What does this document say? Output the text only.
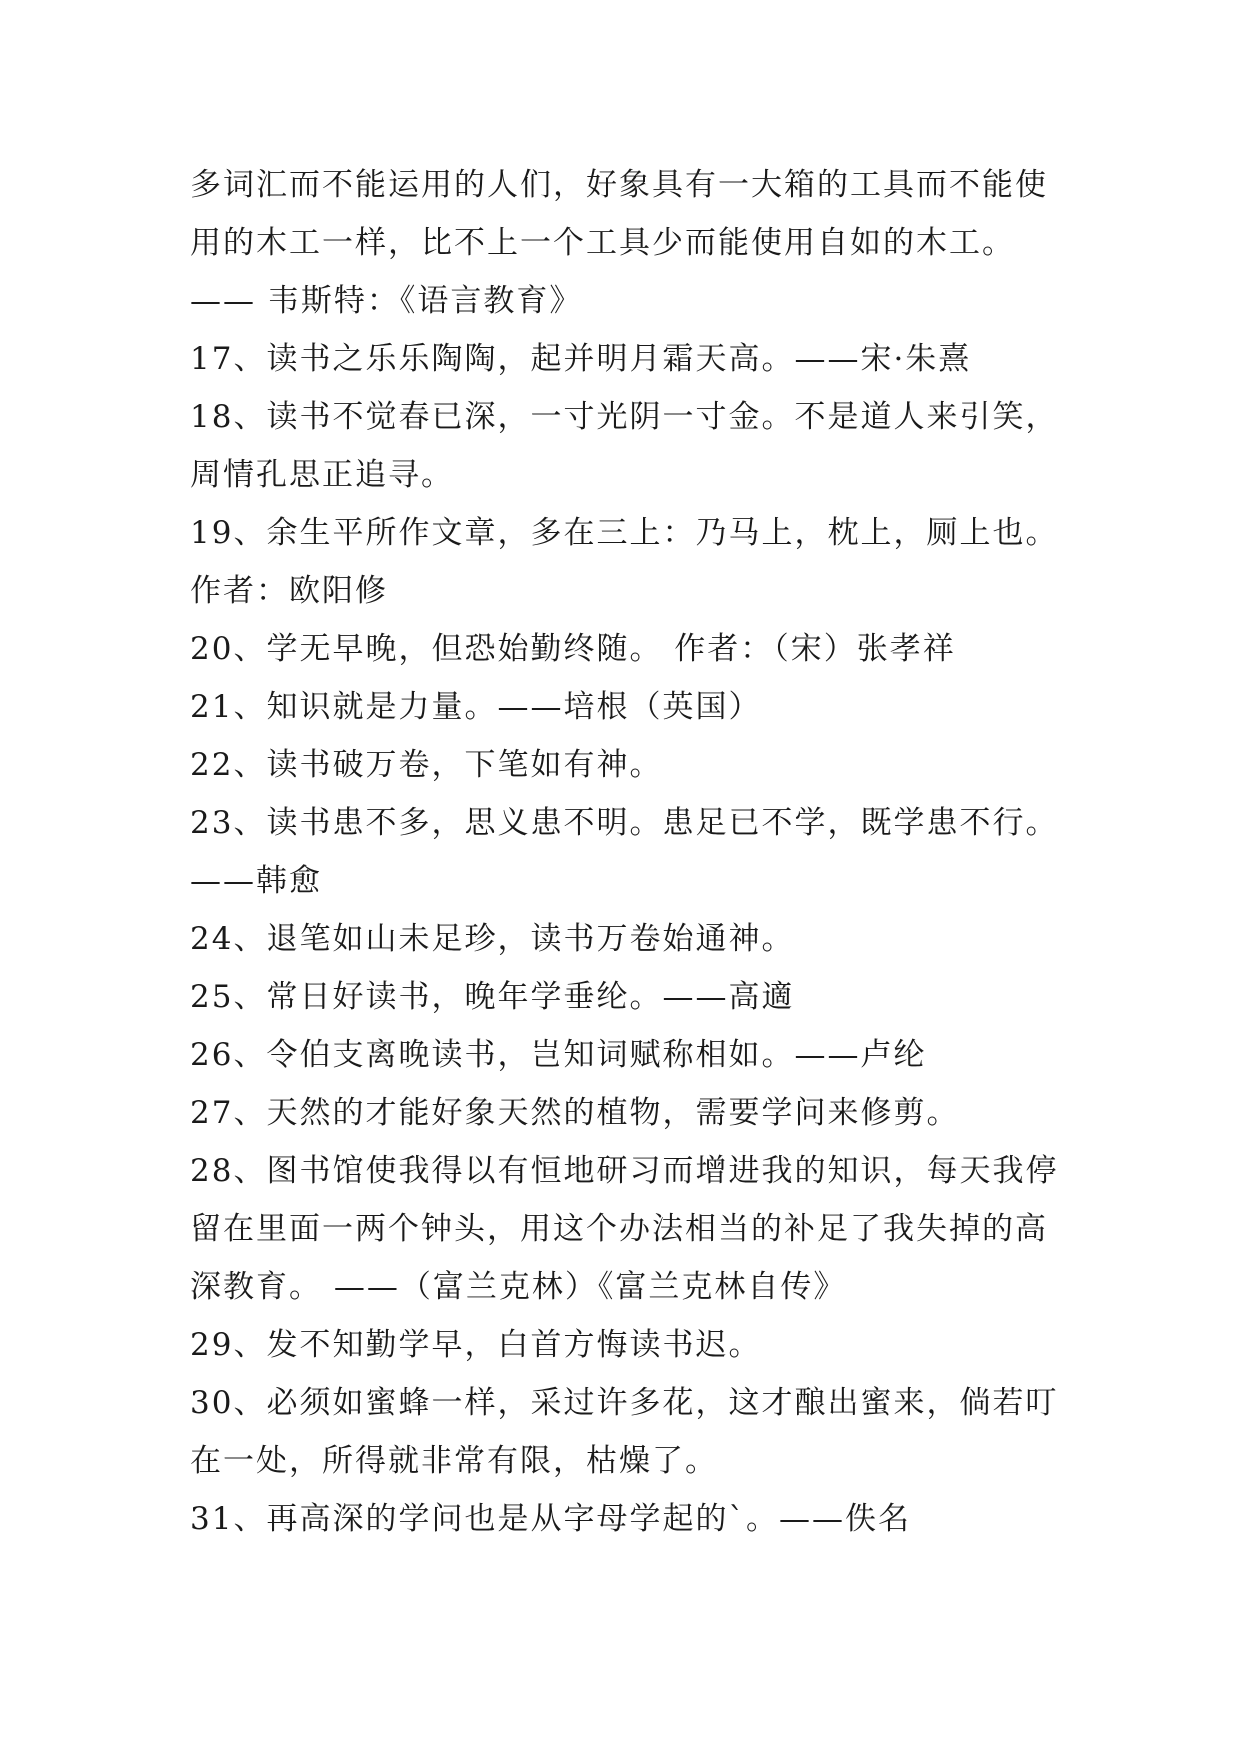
多词汇而不能运用的人们，好象具有一大箱的工具而不能使
用的木工一样，比不上一个工具少而能使用自如的木工。
—— 韦斯特：《语言教育》
17、读书之乐乐陶陶，起并明月霜天高。——宋·朱熹
18、读书不觉春已深，一寸光阴一寸金。不是道人来引笑，
周情孔思正追寻。
19、余生平所作文章，多在三上：乃马上，枕上，厕上也。
作者：欧阳修
20、学无早晚，但恐始勤终随。 作者：（宋）张孝祥
21、知识就是力量。——培根（英国）
22、读书破万卷，下笔如有神。
23、读书患不多，思义患不明。患足已不学，既学患不行。
——韩愈
24、退笔如山未足珍，读书万卷始通神。
25、常日好读书，晚年学垂纶。——高適
26、令伯支离晚读书，岂知词赋称相如。——卢纶
27、天然的才能好象天然的植物，需要学问来修剪。
28、图书馆使我得以有恒地研习而增进我的知识，每天我停
留在里面一两个钟头，用这个办法相当的补足了我失掉的高
深教育。 ——（富兰克林）《富兰克林自传》
29、发不知勤学早，白首方悔读书迟。
30、必须如蜜蜂一样，采过许多花，这才酿出蜜来，倘若叮
在一处，所得就非常有限，枯燥了。
31、再高深的学问也是从字母学起的`。——佚名
